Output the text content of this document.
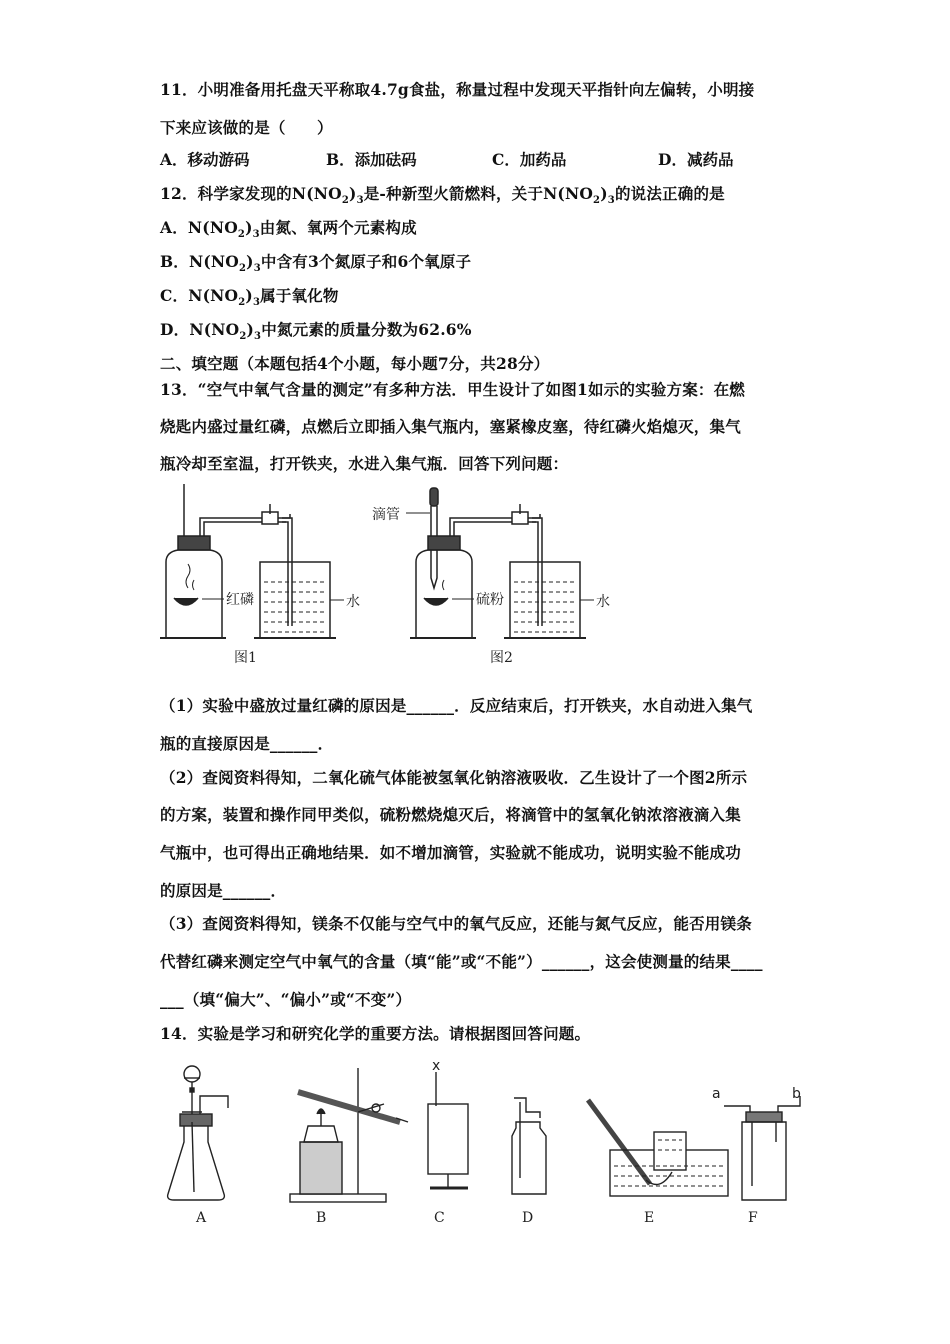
11．小明准备用托盘天平称取4.7g食盐，称量过程中发现天平指针向左偏转，小明接
下来应该做的是（　　）
A．移动游码	B．添加砝码	C．加药品	D．减药品
12．科学家发现的$N(NO_2)_3$是-种新型火箭燃料，关于$N(NO_2)_3$的说法正确的是
A．$N(NO_2)_3$由氮、氧两个元素构成
B．$N(NO_2)_3$中含有3个氮原子和6个氧原子
C．$N(NO_2)_3$属于氧化物
D．$N(NO_2)_3$中氮元素的质量分数为62.6%
二、填空题（本题包括4个小题，每小题7分，共28分）
13．“空气中氧气含量的测定”有多种方法．甲生设计了如图1如示的实验方案：在燃
烧匙内盛过量红磷，点燃后立即插入集气瓶内，塞紧橡皮塞，待红磷火焰熄灭，集气
瓶冷却至室温，打开铁夹，水进入集气瓶．回答下列问题：
红磷	水
图1
滴管
硫粉	水
图2
（1）实验中盛放过量红磷的原因是______．反应结束后，打开铁夹，水自动进入集气
瓶的直接原因是______．
（2）查阅资料得知，二氧化硫气体能被氢氧化钠溶液吸收．乙生设计了一个图2所示
的方案，装置和操作同甲类似，硫粉燃烧熄灭后，将滴管中的氢氧化钠浓溶液滴入集
气瓶中，也可得出正确地结果．如不增加滴管，实验就不能成功，说明实验不能成功
的原因是______．
（3）查阅资料得知，镁条不仅能与空气中的氧气反应，还能与氮气反应，能否用镁条
代替红磷来测定空气中氧气的含量（填“能”或“不能”）______，这会使测量的结果____
___（填“偏大”、“偏小”或“不变”）
14．实验是学习和研究化学的重要方法。请根据图回答问题。
x
a	b
A	B	C	D	E	F
